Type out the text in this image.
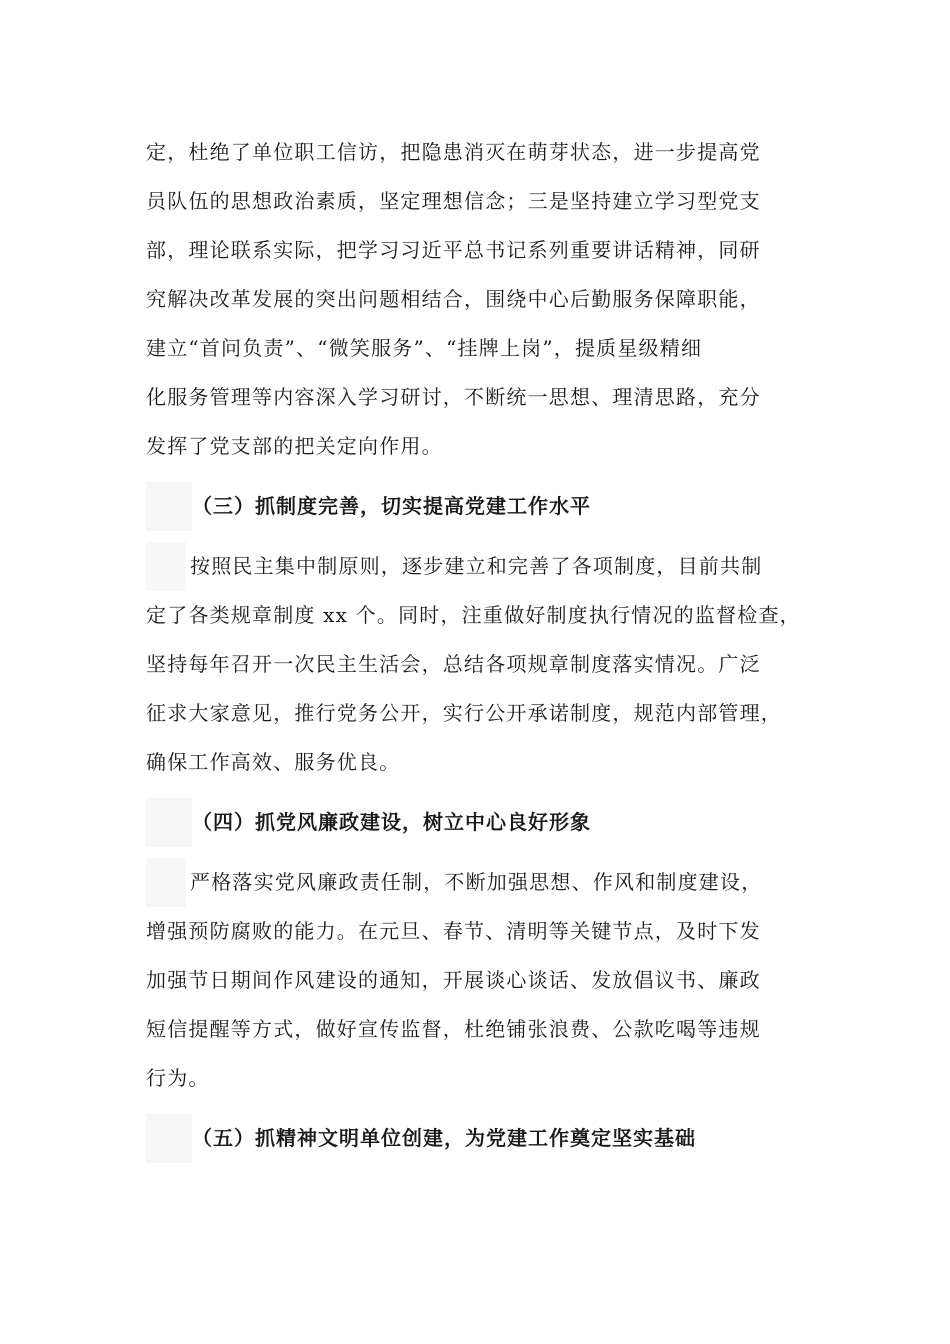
定，杜绝了单位职工信访，把隐患消灭在萌芽状态，进一步提高党
员队伍的思想政治素质，坚定理想信念；三是坚持建立学习型党支
部，理论联系实际，把学习习近平总书记系列重要讲话精神，同研
究解决改革发展的突出问题相结合，围绕中心后勤服务保障职能，
建立“首问负责”、“微笑服务”、“挂牌上岗”，提质星级精细
化服务管理等内容深入学习研讨，不断统一思想、理清思路，充分
发挥了党支部的把关定向作用。
（三）抓制度完善，切实提高党建工作水平
按照民主集中制原则，逐步建立和完善了各项制度，目前共制
定了各类规章制度 xx 个。同时，注重做好制度执行情况的监督检查，
坚持每年召开一次民主生活会，总结各项规章制度落实情况。广泛
征求大家意见，推行党务公开，实行公开承诺制度，规范内部管理，
确保工作高效、服务优良。
（四）抓党风廉政建设，树立中心良好形象
严格落实党风廉政责任制，不断加强思想、作风和制度建设，
增强预防腐败的能力。在元旦、春节、清明等关键节点，及时下发
加强节日期间作风建设的通知，开展谈心谈话、发放倡议书、廉政
短信提醒等方式，做好宣传监督，杜绝铺张浪费、公款吃喝等违规
行为。
（五）抓精神文明单位创建，为党建工作奠定坚实基础
